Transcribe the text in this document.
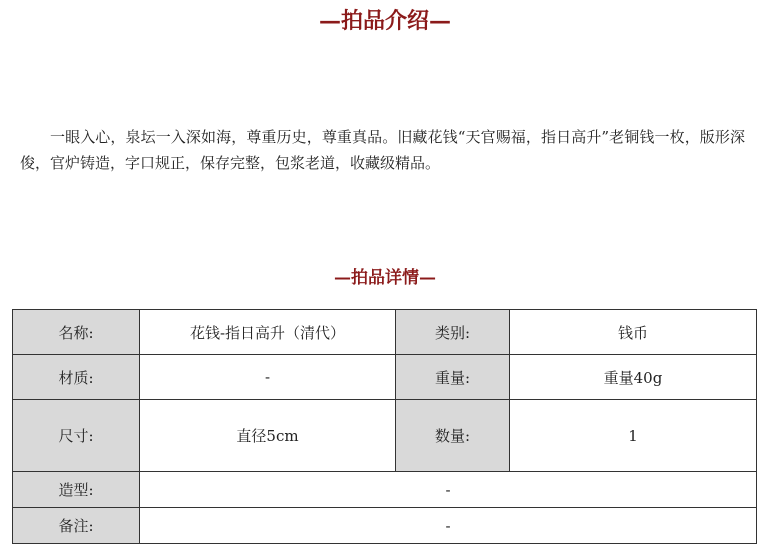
—拍品介绍—

一眼入心，泉坛一入深如海，尊重历史，尊重真品。旧藏花钱“天官赐福，指日高升”老铜钱一枚，版形深俊，官炉铸造，字口规正，保存完整，包浆老道，收藏级精品。

—拍品详情—
名称:	花钱-指日高升（清代）	类别:	钱币
材质:	-	重量:	重量40g
尺寸:	直径5cm	数量:	1
造型:	-		
备注:	-		
